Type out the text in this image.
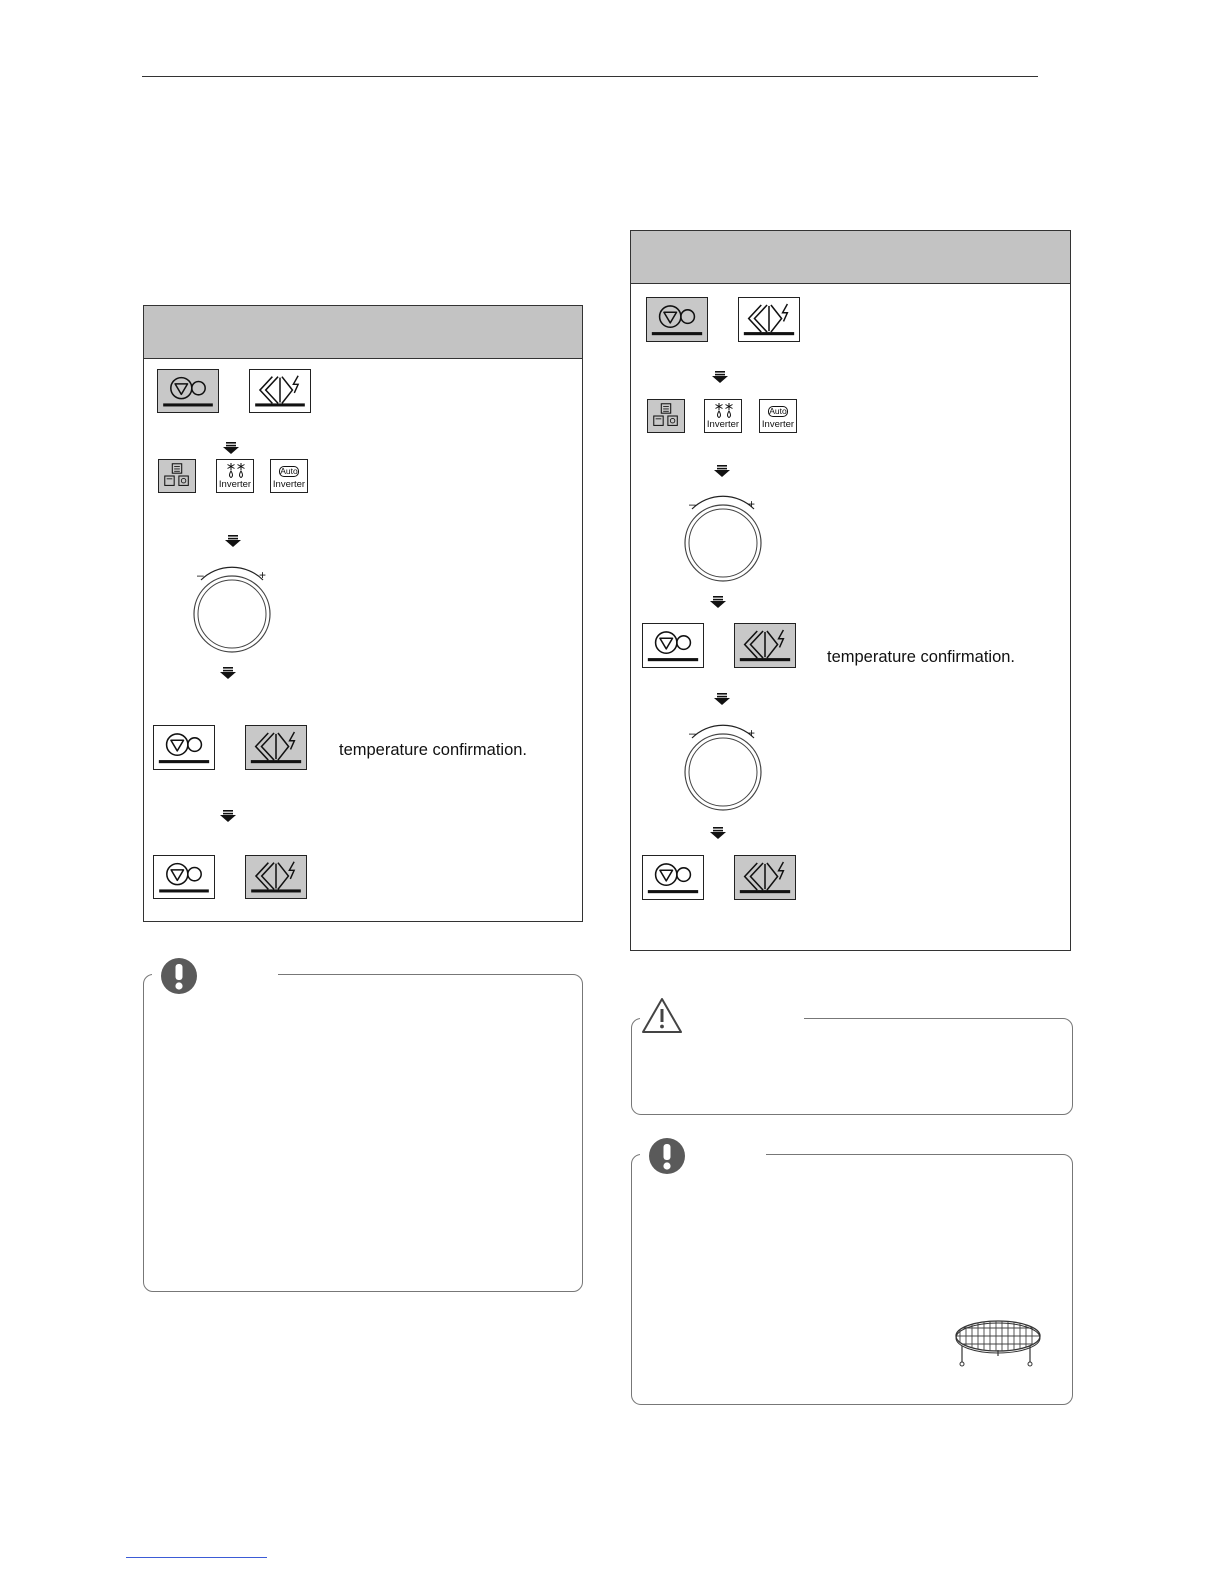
Inverter
Auto
Inverter
–	+
temperature confirmation.
Inverter
Auto
Inverter
–	+
temperature confirmation.
–	+
